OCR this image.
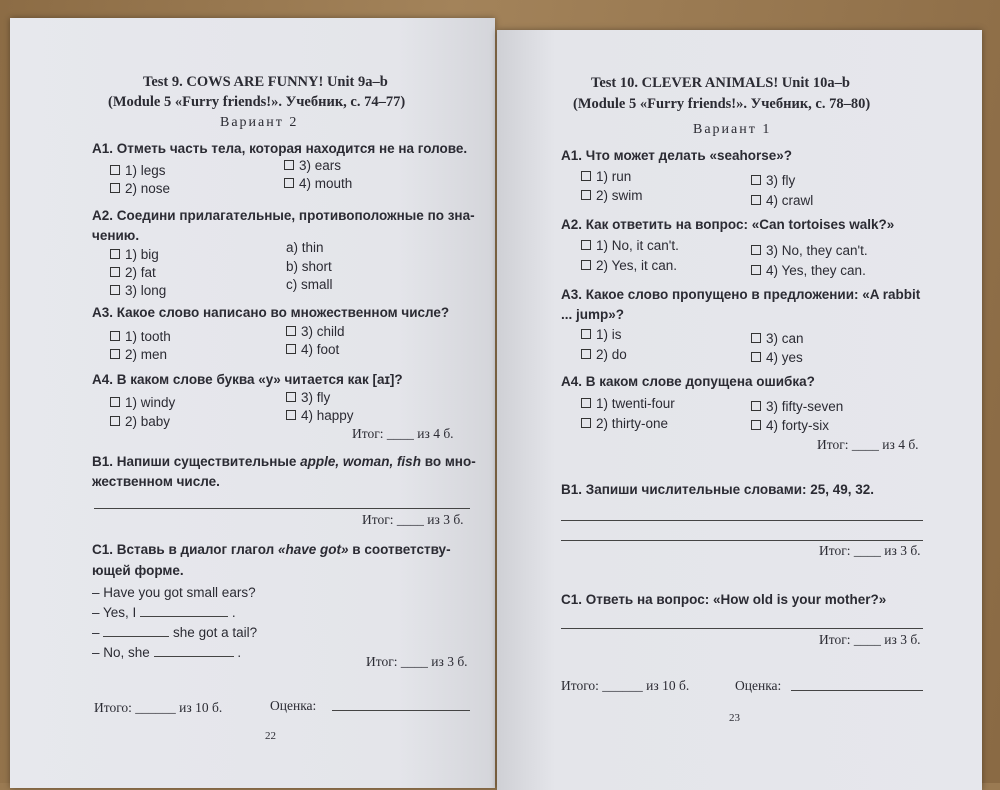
Test 9. COWS ARE FUNNY! Unit 9a–b
(Module 5 «Furry friends!». Учебник, с. 74–77)
Вариант 2
A1. Отметь часть тела, которая находится не на голове.
1) legs
2) nose
3) ears
4) mouth
A2. Соедини прилагательные, противоположные по зна-
чению.
1) big
2) fat
3) long
a) thin
b) short
c) small
A3. Какое слово написано во множественном числе?
1) tooth
2) men
3) child
4) foot
A4. В каком слове буква «y» читается как [aɪ]?
1) windy
2) baby
3) fly
4) happy
Итог: ____ из 4 б.
B1. Напиши существительные apple, woman, fish во мно-
жественном числе.
Итог: ____ из 3 б.
C1. Вставь в диалог глагол «have got» в соответству-
ющей форме.
– Have you got small ears?
– Yes, I	.
–	she got a tail?
– No, she	.
Итог: ____ из 3 б.
Итого: ______ из 10 б.	Оценка:
22
Test 10. CLEVER ANIMALS! Unit 10a–b
(Module 5 «Furry friends!». Учебник, с. 78–80)
Вариант 1
A1. Что может делать «seahorse»?
1) run
2) swim
3) fly
4) crawl
A2. Как ответить на вопрос: «Can tortoises walk?»
1) No, it can't.
2) Yes, it can.
3) No, they can't.
4) Yes, they can.
A3. Какое слово пропущено в предложении: «A rabbit
... jump»?
1) is
2) do
3) can
4) yes
A4. В каком слове допущена ошибка?
1) twenti-four
2) thirty-one
3) fifty-seven
4) forty-six
Итог: ____ из 4 б.
B1. Запиши числительные словами: 25, 49, 32.
Итог: ____ из 3 б.
C1. Ответь на вопрос: «How old is your mother?»
Итог: ____ из 3 б.
Итого: ______ из 10 б.	Оценка:
23
